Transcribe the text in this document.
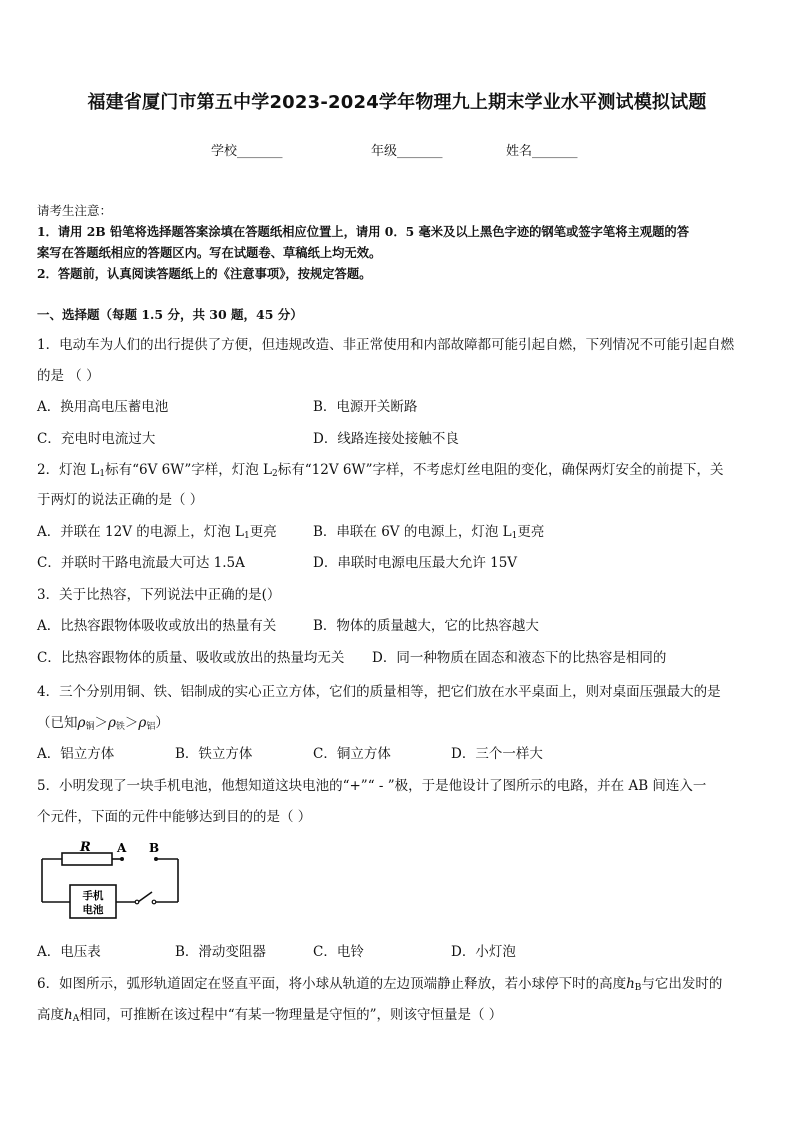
福建省厦门市第五中学2023-2024学年物理九上期末学业水平测试模拟试题
学校_______	年级_______	姓名_______
请考生注意：
1．请用 2B 铅笔将选择题答案涂填在答题纸相应位置上，请用 0．5 毫米及以上黑色字迹的钢笔或签字笔将主观题的答
案写在答题纸相应的答题区内。写在试题卷、草稿纸上均无效。
2．答题前，认真阅读答题纸上的《注意事项》，按规定答题。
一、选择题（每题 1.5 分，共 30 题，45 分）
1．电动车为人们的出行提供了方便，但违规改造、非正常使用和内部故障都可能引起自燃，下列情况不可能引起自燃
的是 （ ）
A．换用高电压蓄电池	B．电源开关断路
C．充电时电流过大	D．线路连接处接触不良
2．灯泡 $L_1$标有“6V 6W”字样，灯泡 $L_2$标有“12V 6W”字样，不考虑灯丝电阻的变化，确保两灯安全的前提下，关
于两灯的说法正确的是（ ）
A．并联在 12V 的电源上，灯泡 $L_1$更亮	B．串联在 6V 的电源上，灯泡 $L_1$更亮
C．并联时干路电流最大可达 1.5A	D．串联时电源电压最大允许 15V
3．关于比热容，下列说法中正确的是(）
A．比热容跟物体吸收或放出的热量有关	B．物体的质量越大，它的比热容越大
C．比热容跟物体的质量、吸收或放出的热量均无关 D．同一种物质在固态和液态下的比热容是相同的
4．三个分别用铜、铁、铝制成的实心正立方体，它们的质量相等，把它们放在水平桌面上，则对桌面压强最大的是
（已知$\rho_铜>\rho_铁>\rho_铝$）
A．铝立方体	B．铁立方体	C．铜立方体	D．三个一样大
5．小明发现了一块手机电池，他想知道这块电池的“+”“ - ”极，于是他设计了图所示的电路，并在 AB 间连入一
个元件，下面的元件中能够达到目的的是（ ）
R A B
手机
电池
A．电压表	B．滑动变阻器	C．电铃	D．小灯泡
6．如图所示，弧形轨道固定在竖直平面，将小球从轨道的左边顶端静止释放，若小球停下时的高度$h_B$与它出发时的
高度$h_A$相同，可推断在该过程中“有某一物理量是守恒的”，则该守恒量是（ ）
